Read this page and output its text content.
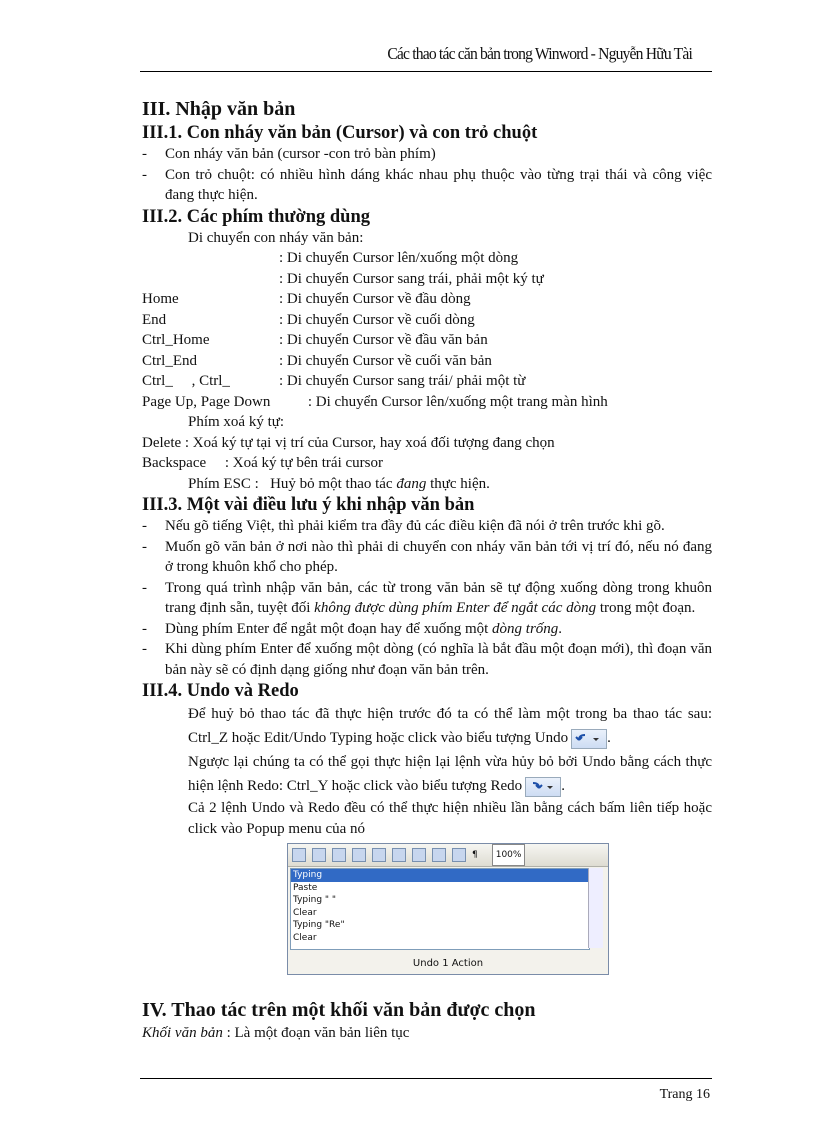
Các thao tác căn bản trong Winword - Nguyễn Hữu Tài
III. Nhập văn bản
III.1. Con nháy văn bản (Cursor) và con trỏ chuột

- Con nháy văn bản (cursor -con trỏ bàn phím)

- Con trỏ chuột: có nhiều hình dáng khác nhau phụ thuộc vào từng trại thái và công việc đang thực hiện.

III.2. Các phím thường dùng

Di chuyển con nháy văn bản:

: Di chuyển Cursor lên/xuống một dòng
: Di chuyển Cursor sang trái, phải một ký tự
Home	: Di chuyển Cursor về đầu dòng
End	: Di chuyển Cursor về cuối dòng
Ctrl_Home	: Di chuyển Cursor về đầu văn bản
Ctrl_End	: Di chuyển Cursor về cuối văn bản
Ctrl_     , Ctrl_	: Di chuyển Cursor sang trái/ phải một từ

Page Up, Page Down          : Di chuyển Cursor lên/xuống một trang màn hình

Phím xoá ký tự:

Delete : Xoá ký tự tại vị trí của Cursor, hay xoá đối tượng đang chọn

Backspace     : Xoá ký tự bên trái cursor

Phím ESC :   Huỷ bỏ một thao tác đang thực hiện.

III.3. Một vài điều lưu ý khi nhập văn bản

- Nếu gõ tiếng Việt, thì phải kiểm tra đầy đủ các điều kiện đã nói ở trên trước khi gõ.

- Muốn gõ văn bản ở nơi nào thì phải di chuyển con nháy văn bản tới vị trí đó, nếu nó đang ở trong khuôn khổ cho phép.

- Trong quá trình nhập văn bản, các từ trong văn bản sẽ tự động xuống dòng trong khuôn trang định sẵn, tuyệt đối không được dùng phím Enter để ngắt các dòng trong một đoạn.

- Dùng phím Enter để ngắt một đoạn hay để xuống một dòng trống.

- Khi dùng phím Enter để xuống một dòng (có nghĩa là bắt đầu một đoạn mới), thì đoạn văn bản này sẽ có định dạng giống như đoạn văn bản trên.

III.4. Undo và Redo

Để huỷ bỏ thao tác đã thực hiện trước đó ta có thể làm một trong ba thao tác sau: Ctrl_Z hoặc Edit/Undo Typing hoặc click vào biểu tượng Undo	.

Ngược lại chúng ta có thể gọi thực hiện lại lệnh vừa hủy bỏ bởi Undo bằng cách thực hiện lệnh Redo: Ctrl_Y hoặc click vào biểu tượng Redo	.

Cả 2 lệnh Undo và Redo đều có thể thực hiện nhiều lần bằng cách bấm liên tiếp hoặc click vào Popup menu của nó

¶	100%
Typing
Paste
Typing " "
Clear
Typing "Re"
Clear
Undo 1 Action
IV. Thao tác trên một khối văn bản được chọn

Khối văn bản : Là một đoạn văn bản liên tục

Trang 16
